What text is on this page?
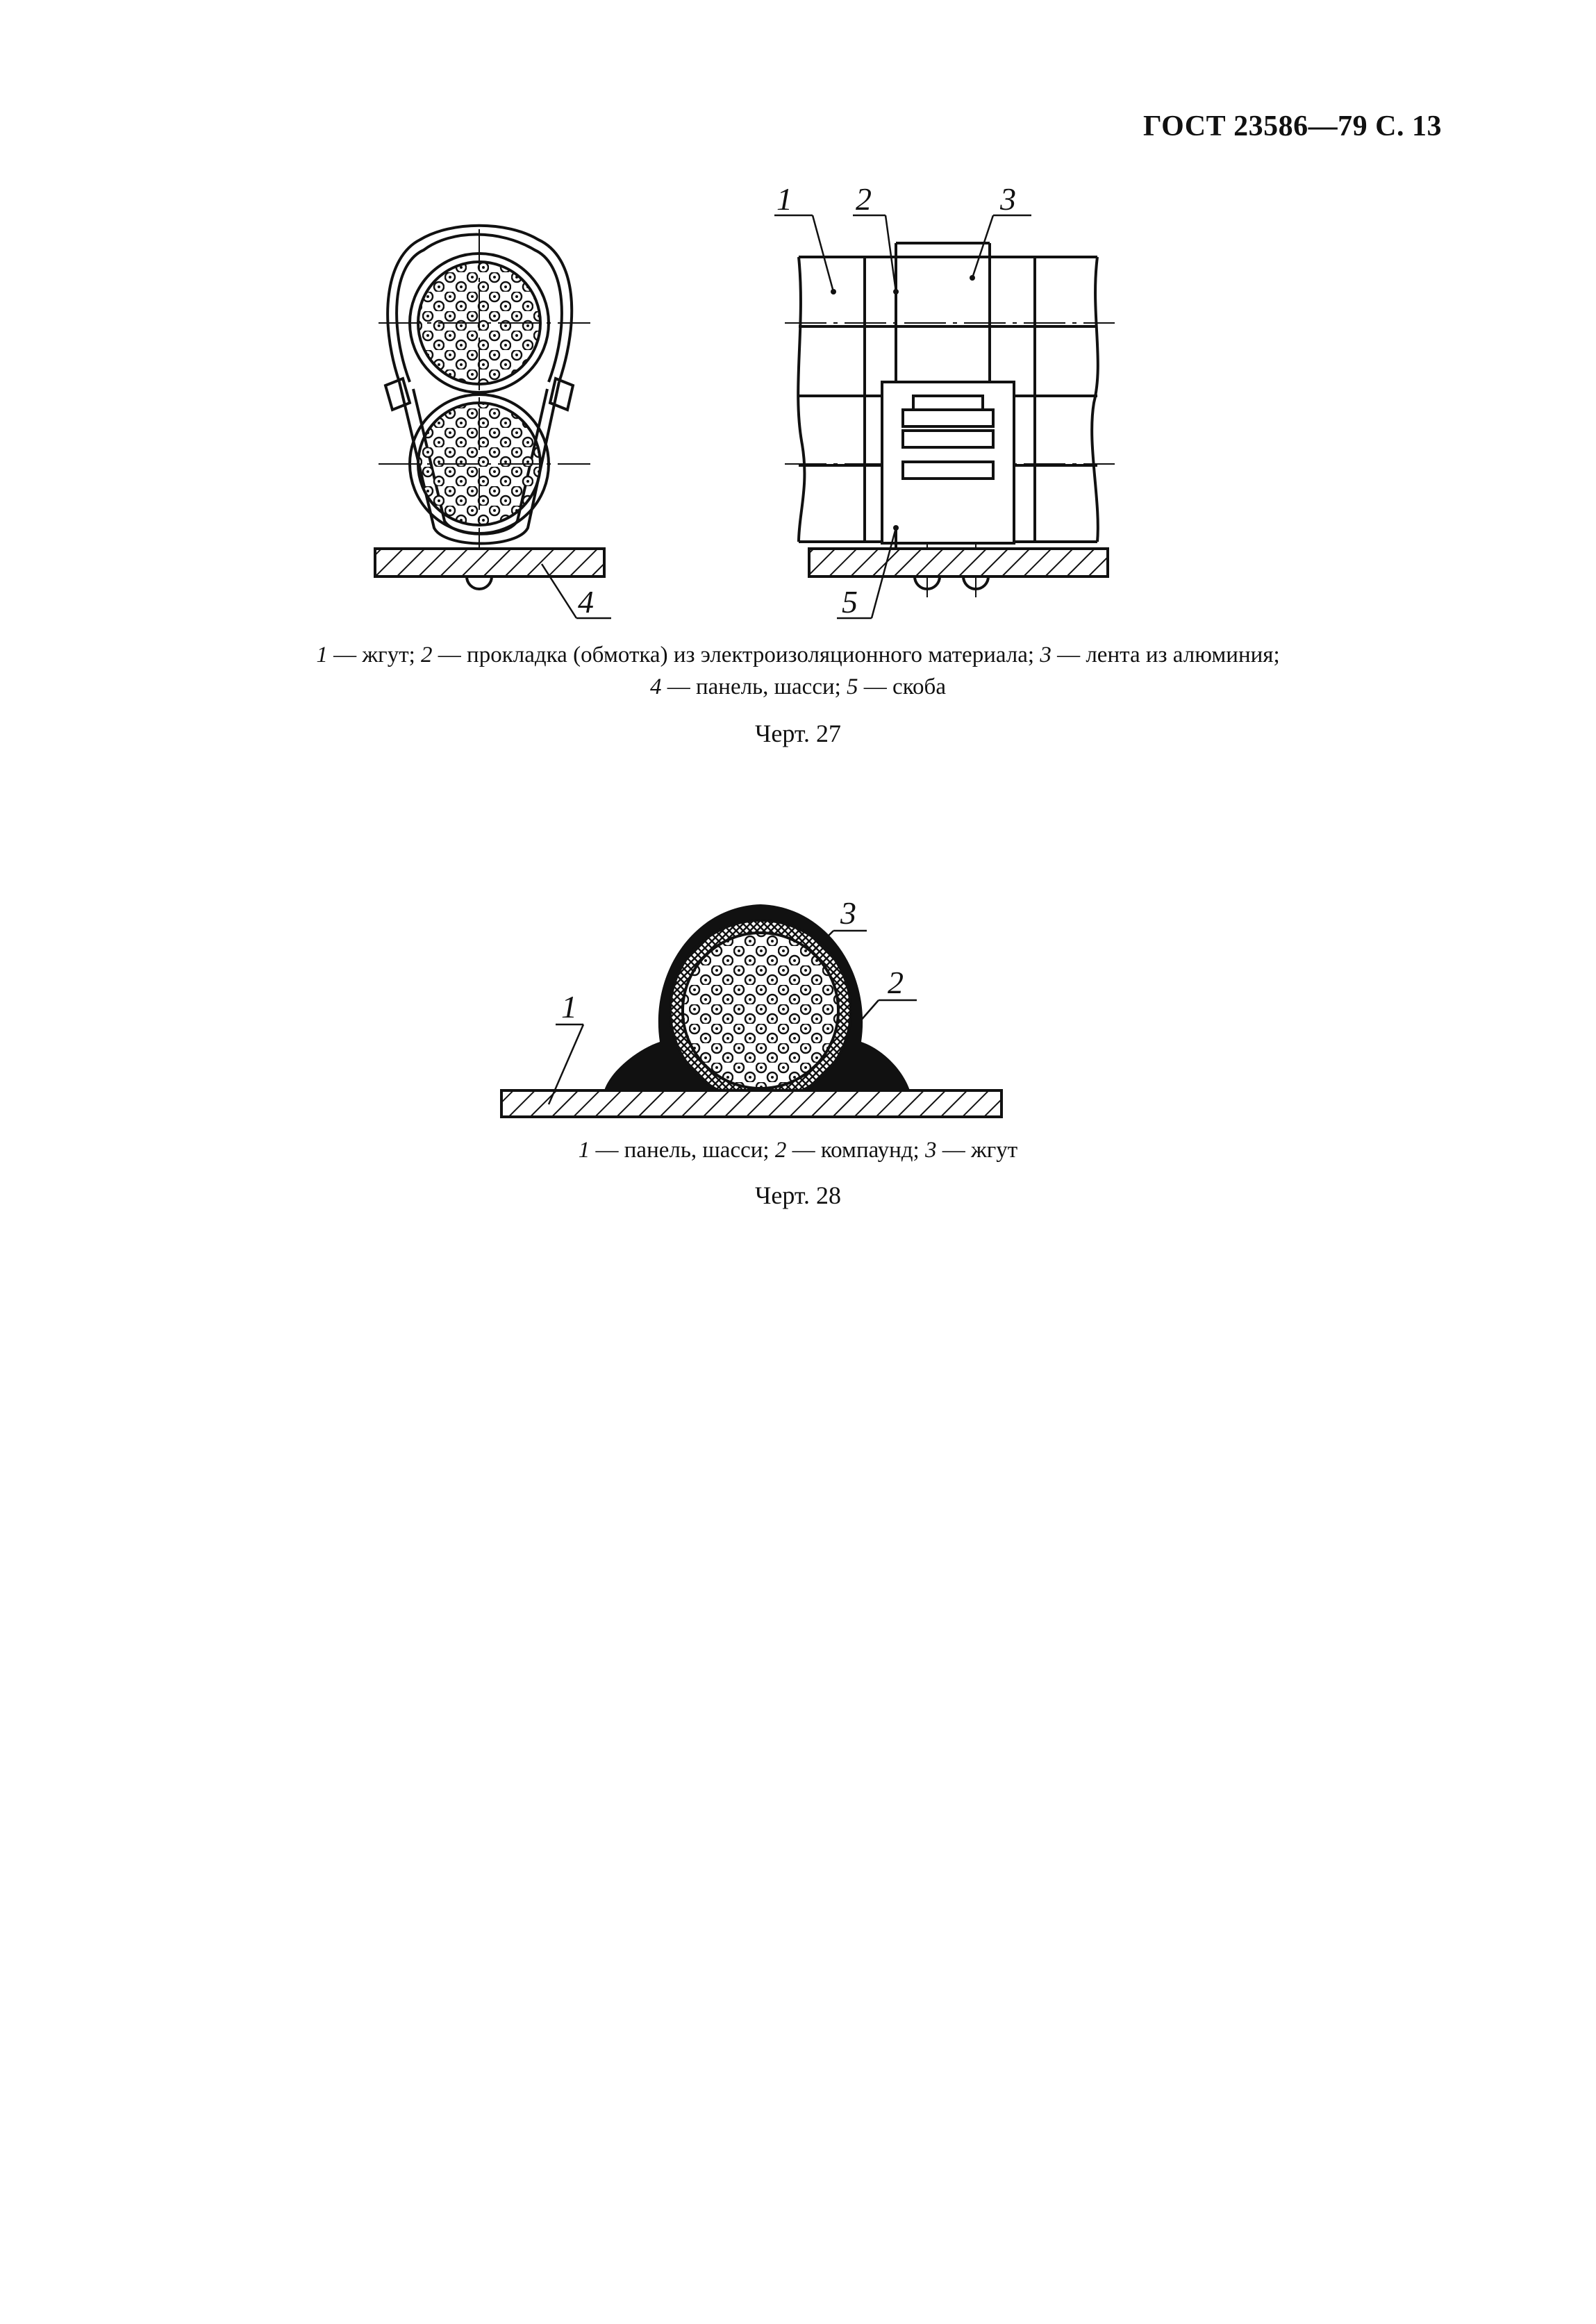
ГОСТ 23586—79 С. 13
4
1 2	3
5
1 — жгут; 2 — прокладка (обмотка) из электроизоляционного материала; 3 — лента из алюминия;
4 — панель, шасси; 5 — скоба
Черт. 27
1
2
3
1 — панель, шасси; 2 — компаунд; 3 — жгут
Черт. 28
